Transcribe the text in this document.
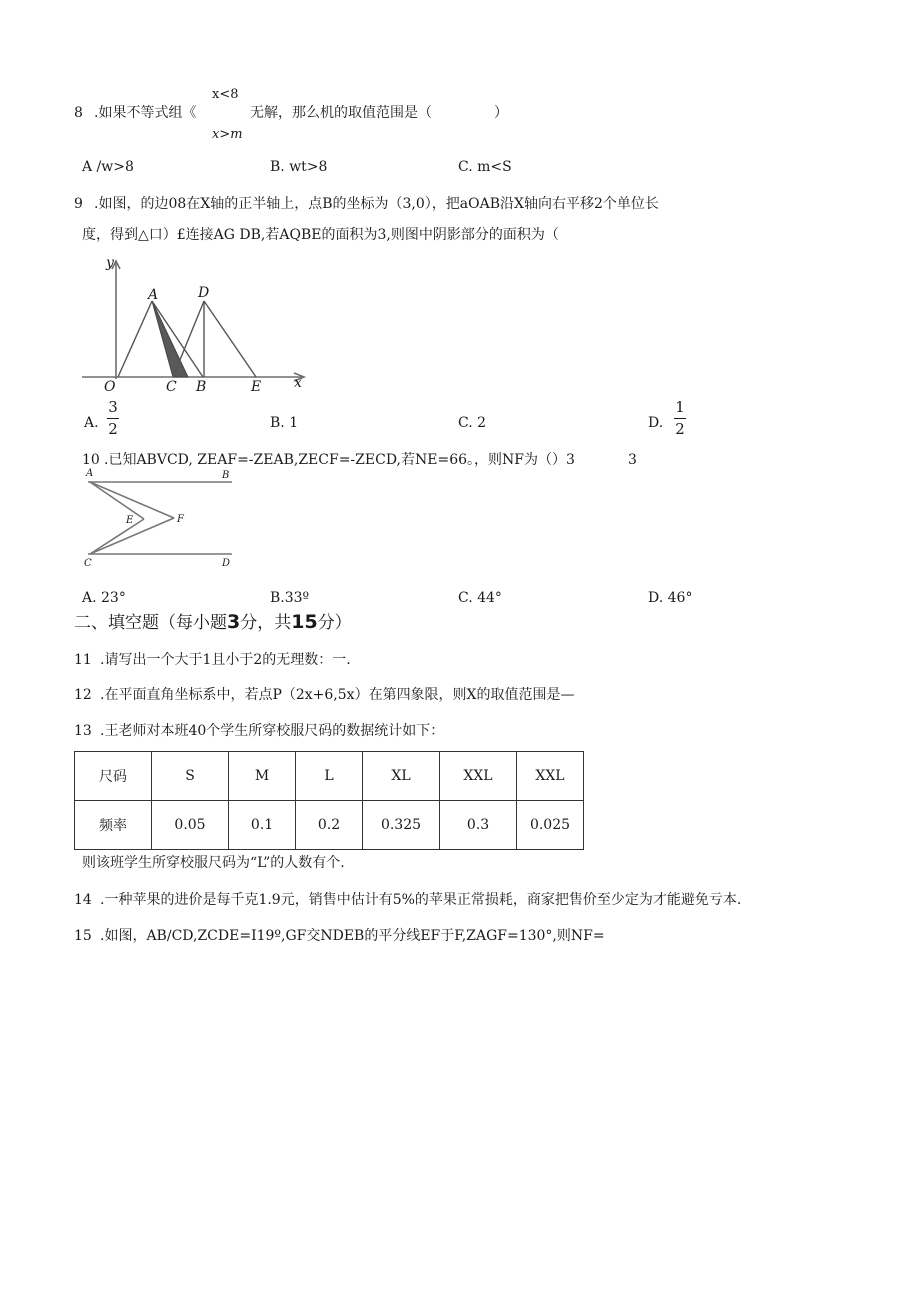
x<8
8 .如果不等式组《	无解，那么机的取值范围是（	）
x>m
A /w>8	B. wt>8	C. m<S
9 .如图，的边08在X轴的正半轴上，点B的坐标为（3,0），把aOAB沿X轴向右平移2个单位长
度，得到△口）£连接AG DB,若AQBE的面积为3,则图中阴影部分的面积为（
y
x
O
A
C B
D
E
A.
3
2	B. 1	C. 2	D.
1
2
10 .已知ABVCD, ZEAF=-ZEAB,ZECF=-ZECD,若NE=66。，则NF为（）3	3
A	B
E	F
C	D
A. 23°	B.33º	C. 44°	D. 46°
二、填空题（每小题3分，共15分）
11 .请写出一个大于1且小于2的无理数：一.
12 .在平面直角坐标系中，若点P（2x+6,5x）在第四象限，则X的取值范围是—
13 .王老师对本班40个学生所穿校服尺码的数据统计如下：
尺码	S	M	L	XL	XXL	XXL
频率	0.05	0.1	0.2	0.325	0.3	0.025
则该班学生所穿校服尺码为“L”的人数有个.
14 .一种苹果的进价是每千克1.9元，销售中估计有5%的苹果正常损耗，商家把售价至少定为才能避免亏本.
15 .如图，AB∕CD,ZCDE=I19º,GF交NDEB的平分线EF于F,ZAGF=130°,则NF=
